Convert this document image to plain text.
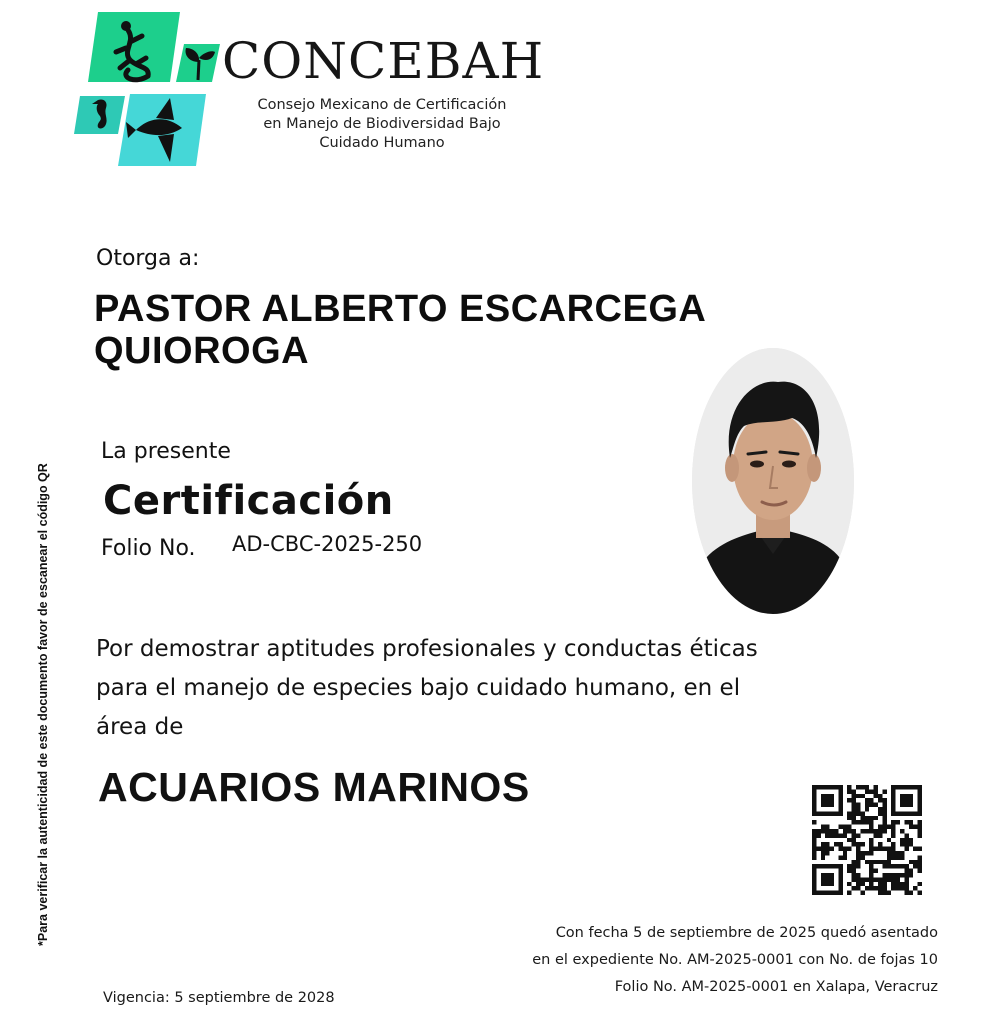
CONCEBAH
Consejo Mexicano de Certificación
en Manejo de Biodiversidad Bajo
Cuidado Humano
*Para verificar la autenticidad de este documento favor de escanear el código QR
Otorga a:
PASTOR ALBERTO ESCARCEGA
QUIOROGA
La presente
Certificación
Folio No. AD-CBC-2025-250
Por demostrar aptitudes profesionales y conductas éticas
para el manejo de especies bajo cuidado humano, en el
área de
ACUARIOS MARINOS
Con fecha 5 de septiembre de 2025 quedó asentado
en el expediente No. AM-2025-0001 con No. de fojas 10
Folio No. AM-2025-0001 en Xalapa, Veracruz
Vigencia: 5 septiembre de 2028
